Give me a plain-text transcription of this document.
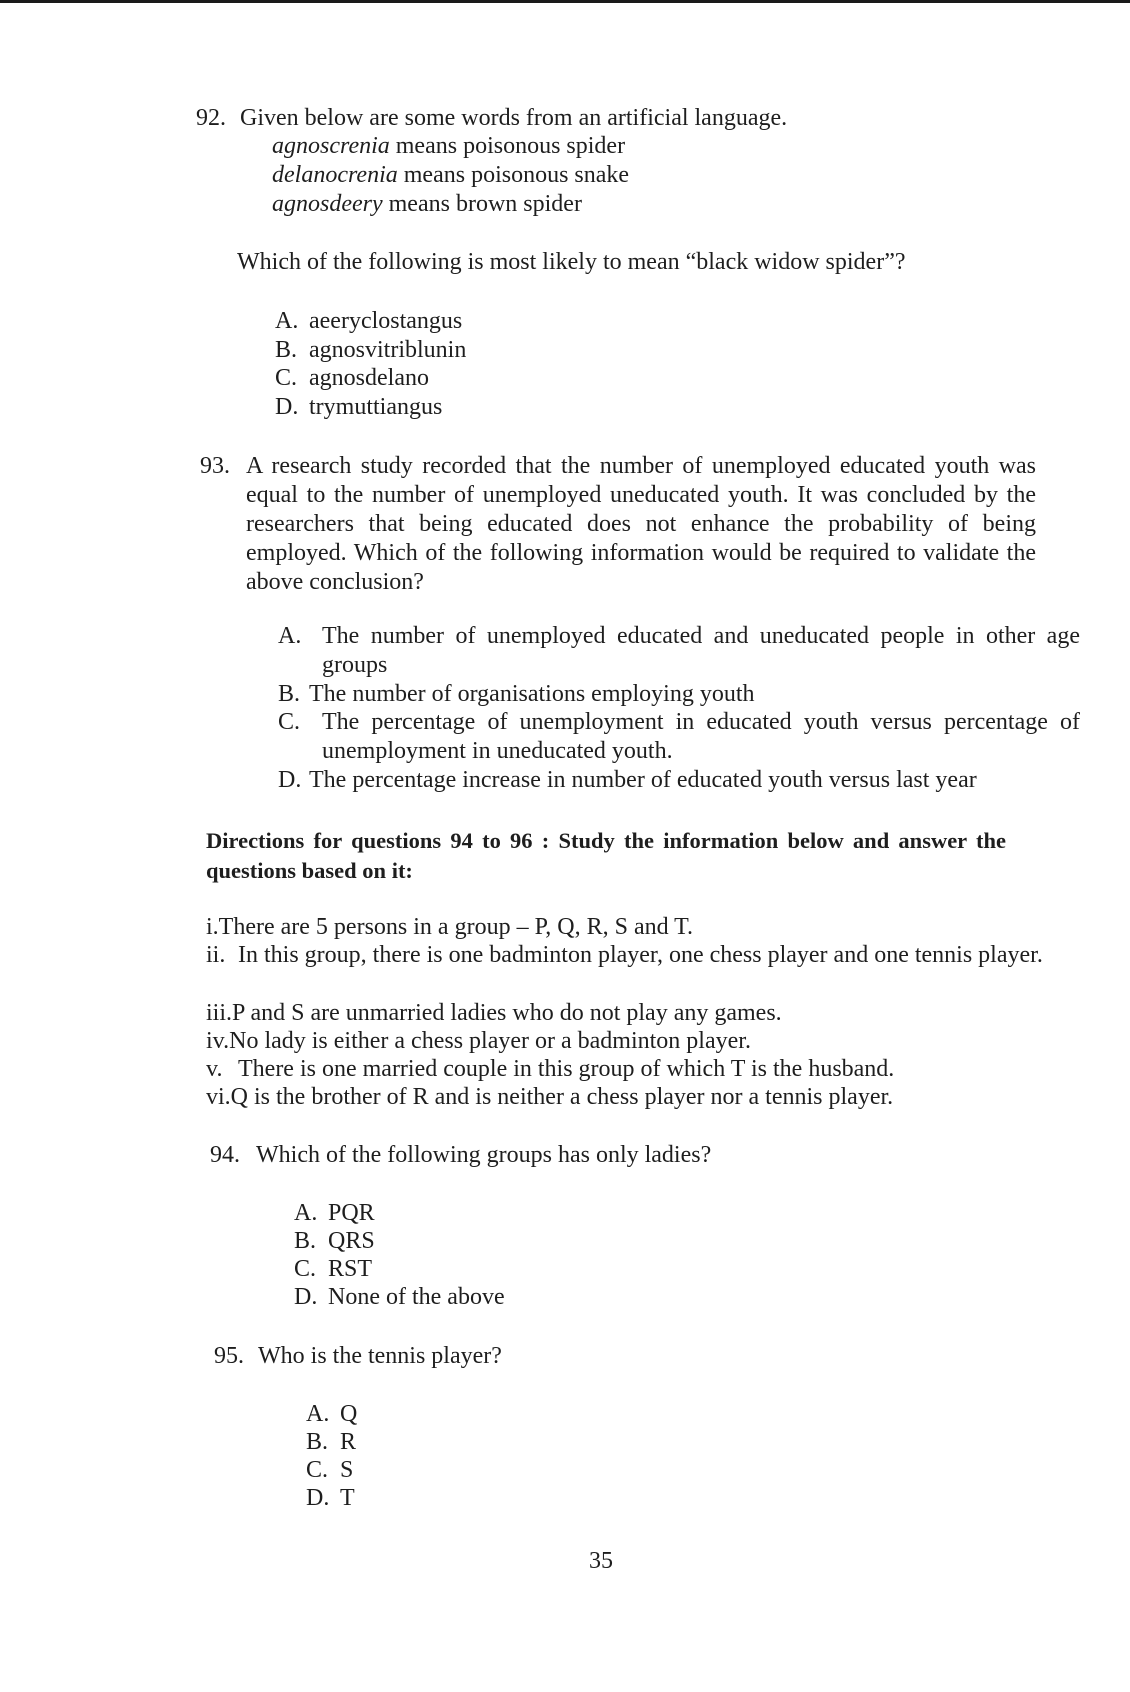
92. Given below are some words from an artificial language.
agnoscrenia means poisonous spider
delanocrenia means poisonous snake
agnosdeery means brown spider
Which of the following is most likely to mean “black widow spider”?
A. aeeryclostangus
B. agnosvitriblunin
C. agnosdelano
D. trymuttiangus
93. A research study recorded that the number of unemployed educated youth was equal to the number of unemployed uneducated youth. It was concluded by the researchers that being educated does not enhance the probability of being employed. Which of the following information would be required to validate the above conclusion?
A. The number of unemployed educated and uneducated people in other age groups
B. The number of organisations employing youth
C. The percentage of unemployment in educated youth versus percentage of unemployment in uneducated youth.
D. The percentage increase in number of educated youth versus last year
Directions for questions 94 to 96 : Study the information below and answer the questions based on it:
i.There are 5 persons in a group – P, Q, R, S and T.
ii. In this group, there is one badminton player, one chess player and one tennis player.
iii.P and S are unmarried ladies who do not play any games.
iv.No lady is either a chess player or a badminton player.
v. There is one married couple in this group of which T is the husband.
vi.Q is the brother of R and is neither a chess player nor a tennis player.
94. Which of the following groups has only ladies?
A. PQR
B. QRS
C. RST
D. None of the above
95. Who is the tennis player?
A. Q
B. R
C. S
D. T
35
